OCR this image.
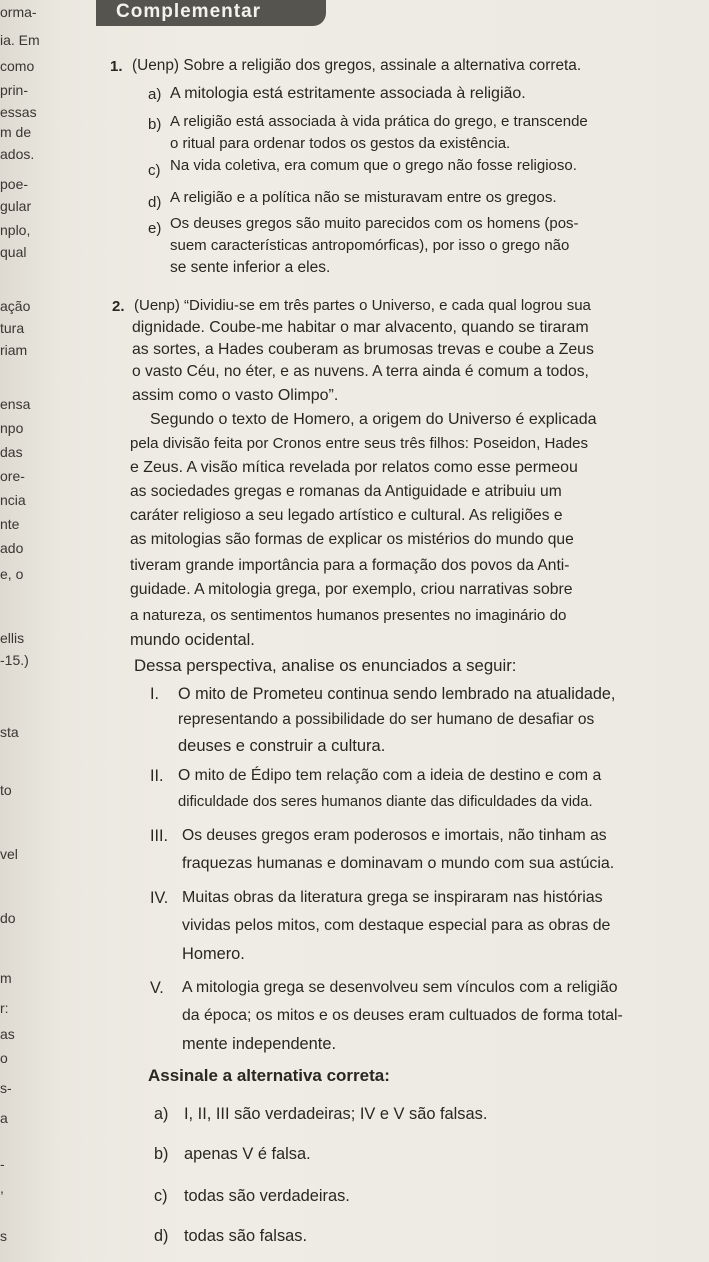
Complementar
orma-
ia. Em
como
prin-
essas
m de
ados.
poe-
gular
nplo,
qual
ação
tura
riam
ensa
npo
das
ore-
ncia
nte
ado
e, o
ellis
-15.)
sta
to
vel
do
m
r:
as
o
s-
a
-
,
s
1. (Uenp) Sobre a religião dos gregos, assinale a alternativa correta.
a) A mitologia está estritamente associada à religião.
b) A religião está associada à vida prática do grego, e transcende
o ritual para ordenar todos os gestos da existência.
c) Na vida coletiva, era comum que o grego não fosse religioso.
d) A religião e a política não se misturavam entre os gregos.
e) Os deuses gregos são muito parecidos com os homens (pos-
suem características antropomórficas), por isso o grego não
se sente inferior a eles.
2. (Uenp) “Dividiu-se em três partes o Universo, e cada qual logrou sua
dignidade. Coube-me habitar o mar alvacento, quando se tiraram
as sortes, a Hades couberam as brumosas trevas e coube a Zeus
o vasto Céu, no éter, e as nuvens. A terra ainda é comum a todos,
assim como o vasto Olimpo”.
Segundo o texto de Homero, a origem do Universo é explicada
pela divisão feita por Cronos entre seus três filhos: Poseidon, Hades
e Zeus. A visão mítica revelada por relatos como esse permeou
as sociedades gregas e romanas da Antiguidade e atribuiu um
caráter religioso a seu legado artístico e cultural. As religiões e
as mitologias são formas de explicar os mistérios do mundo que
tiveram grande importância para a formação dos povos da Anti-
guidade. A mitologia grega, por exemplo, criou narrativas sobre
a natureza, os sentimentos humanos presentes no imaginário do
mundo ocidental.
Dessa perspectiva, analise os enunciados a seguir:
I. O mito de Prometeu continua sendo lembrado na atualidade,
representando a possibilidade do ser humano de desafiar os
deuses e construir a cultura.
II. O mito de Édipo tem relação com a ideia de destino e com a
dificuldade dos seres humanos diante das dificuldades da vida.
III. Os deuses gregos eram poderosos e imortais, não tinham as
fraquezas humanas e dominavam o mundo com sua astúcia.
IV. Muitas obras da literatura grega se inspiraram nas histórias
vividas pelos mitos, com destaque especial para as obras de
Homero.
V. A mitologia grega se desenvolveu sem vínculos com a religião
da época; os mitos e os deuses eram cultuados de forma total-
mente independente.
Assinale a alternativa correta:
a) I, II, III são verdadeiras; IV e V são falsas.
b) apenas V é falsa.
c) todas são verdadeiras.
d) todas são falsas.
